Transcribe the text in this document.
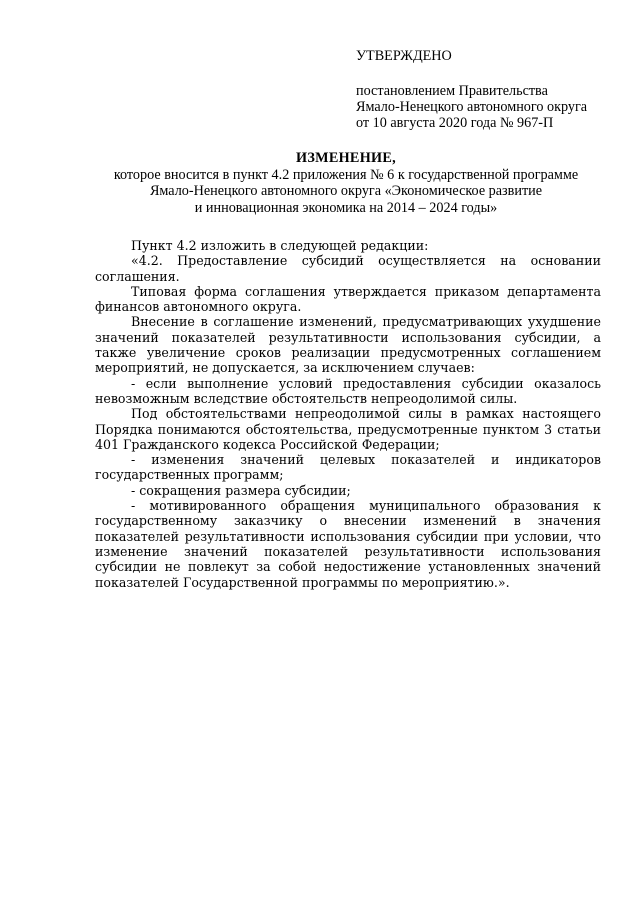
УТВЕРЖДЕНО
постановлением Правительства
Ямало-Ненецкого автономного округа
от 10 августа 2020 года № 967-П
ИЗМЕНЕНИЕ,
которое вносится в пункт 4.2 приложения № 6 к государственной программе
Ямало-Ненецкого автономного округа «Экономическое развитие
и инновационная экономика на 2014 – 2024 годы»

Пункт 4.2 изложить в следующей редакции:

«4.2. Предоставление субсидий осуществляется на основании соглашения.

Типовая форма соглашения утверждается приказом департамента финансов автономного округа.

Внесение в соглашение изменений, предусматривающих ухудшение значений показателей результативности использования субсидии, а также увеличение сроков реализации предусмотренных соглашением мероприятий, не допускается, за исключением случаев:

- если выполнение условий предоставления субсидии оказалось невозможным вследствие обстоятельств непреодолимой силы.

Под обстоятельствами непреодолимой силы в рамках настоящего Порядка понимаются обстоятельства, предусмотренные пунктом 3 статьи 401 Гражданского кодекса Российской Федерации;

- изменения значений целевых показателей и индикаторов государственных программ;

- сокращения размера субсидии;

- мотивированного обращения муниципального образования к государственному заказчику о внесении изменений в значения показателей результативности использования субсидии при условии, что изменение значений показателей результативности использования субсидии не повлекут за собой недостижение установленных значений показателей Государственной программы по мероприятию.».
